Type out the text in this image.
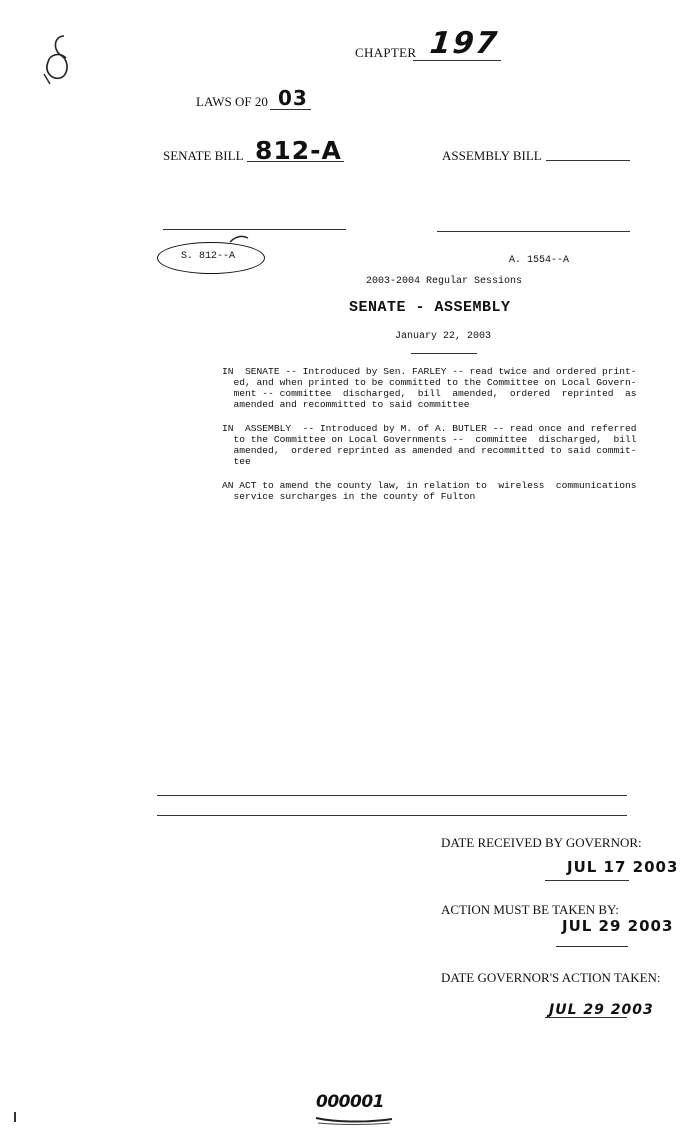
CHAPTER 197
LAWS OF 20 03
SENATE BILL 812-A	ASSEMBLY BILL
S. 812--A	A. 1554--A
2003-2004 Regular Sessions
SENATE - ASSEMBLY
January 22, 2003
IN  SENATE -- Introduced by Sen. FARLEY -- read twice and ordered print-
ed, and when printed to be committed to the Committee on Local Govern-
ment -- committee  discharged,  bill  amended,  ordered  reprinted  as
amended and recommitted to said committee
IN  ASSEMBLY  -- Introduced by M. of A. BUTLER -- read once and referred
to the Committee on Local Governments --  committee  discharged,  bill
amended,  ordered reprinted as amended and recommitted to said commit-
tee
AN ACT to amend the county law, in relation to  wireless  communications
service surcharges in the county of Fulton
DATE RECEIVED BY GOVERNOR:
JUL 17 2003
ACTION MUST BE TAKEN BY:
JUL 29 2003
DATE GOVERNOR'S ACTION TAKEN:
JUL 29 2003
000001
